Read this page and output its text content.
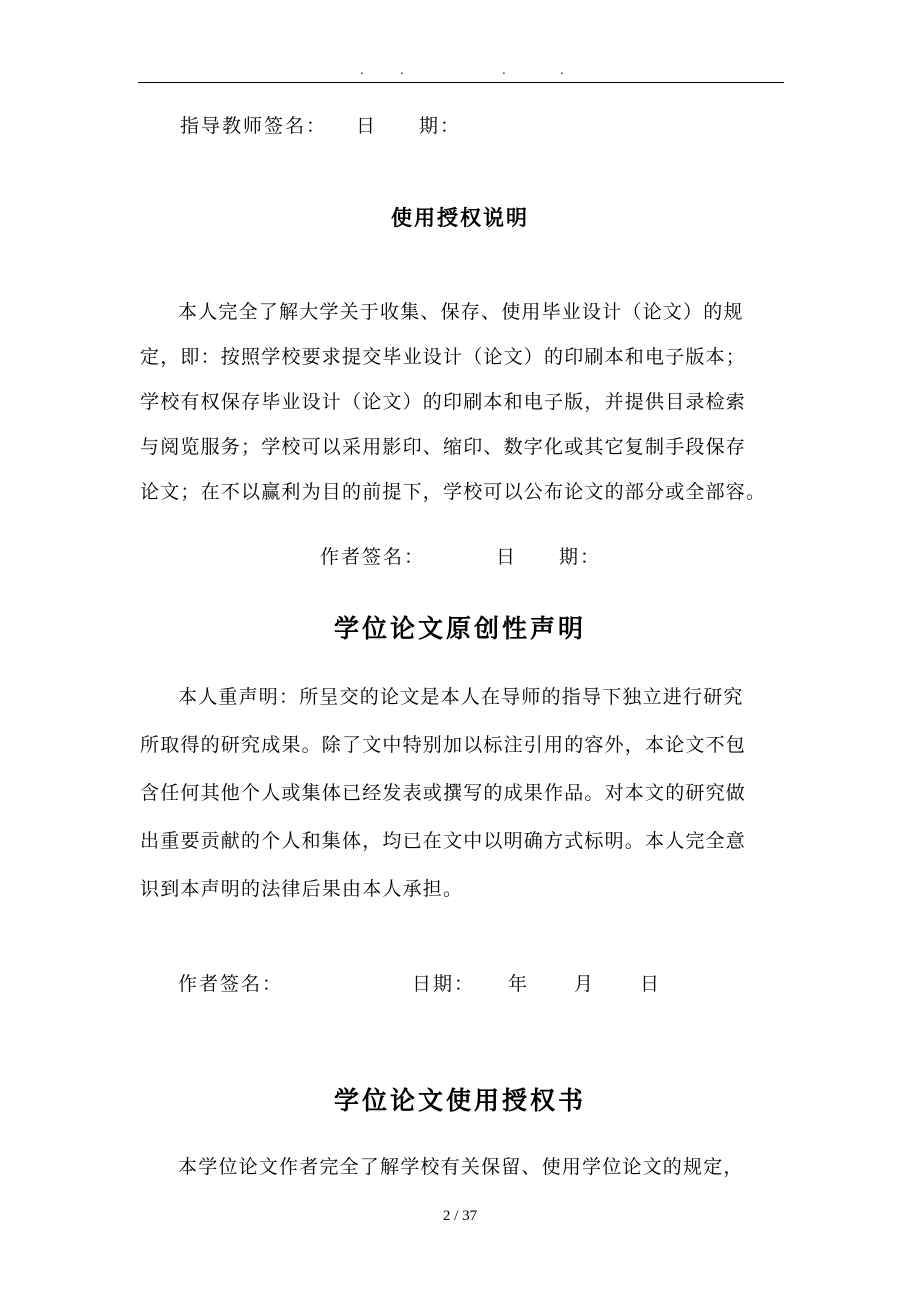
.	.	.	.
指导教师签名： 日　　期：
使用授权说明
本人完全了解大学关于收集、保存、使用毕业设计（论文）的规
定，即：按照学校要求提交毕业设计（论文）的印刷本和电子版本；
学校有权保存毕业设计（论文）的印刷本和电子版，并提供目录检索
与阅览服务；学校可以采用影印、缩印、数字化或其它复制手段保存
论文；在不以赢利为目的前提下，学校可以公布论文的部分或全部容。
作者签名：	日　　期：
学位论文原创性声明
本人重声明：所呈交的论文是本人在导师的指导下独立进行研究
所取得的研究成果。除了文中特别加以标注引用的容外，本论文不包
含任何其他个人或集体已经发表或撰写的成果作品。对本文的研究做
出重要贡献的个人和集体，均已在文中以明确方式标明。本人完全意
识到本声明的法律后果由本人承担。
作者签名：	日期： 年 月 日
学位论文使用授权书
本学位论文作者完全了解学校有关保留、使用学位论文的规定，
2 / 37
